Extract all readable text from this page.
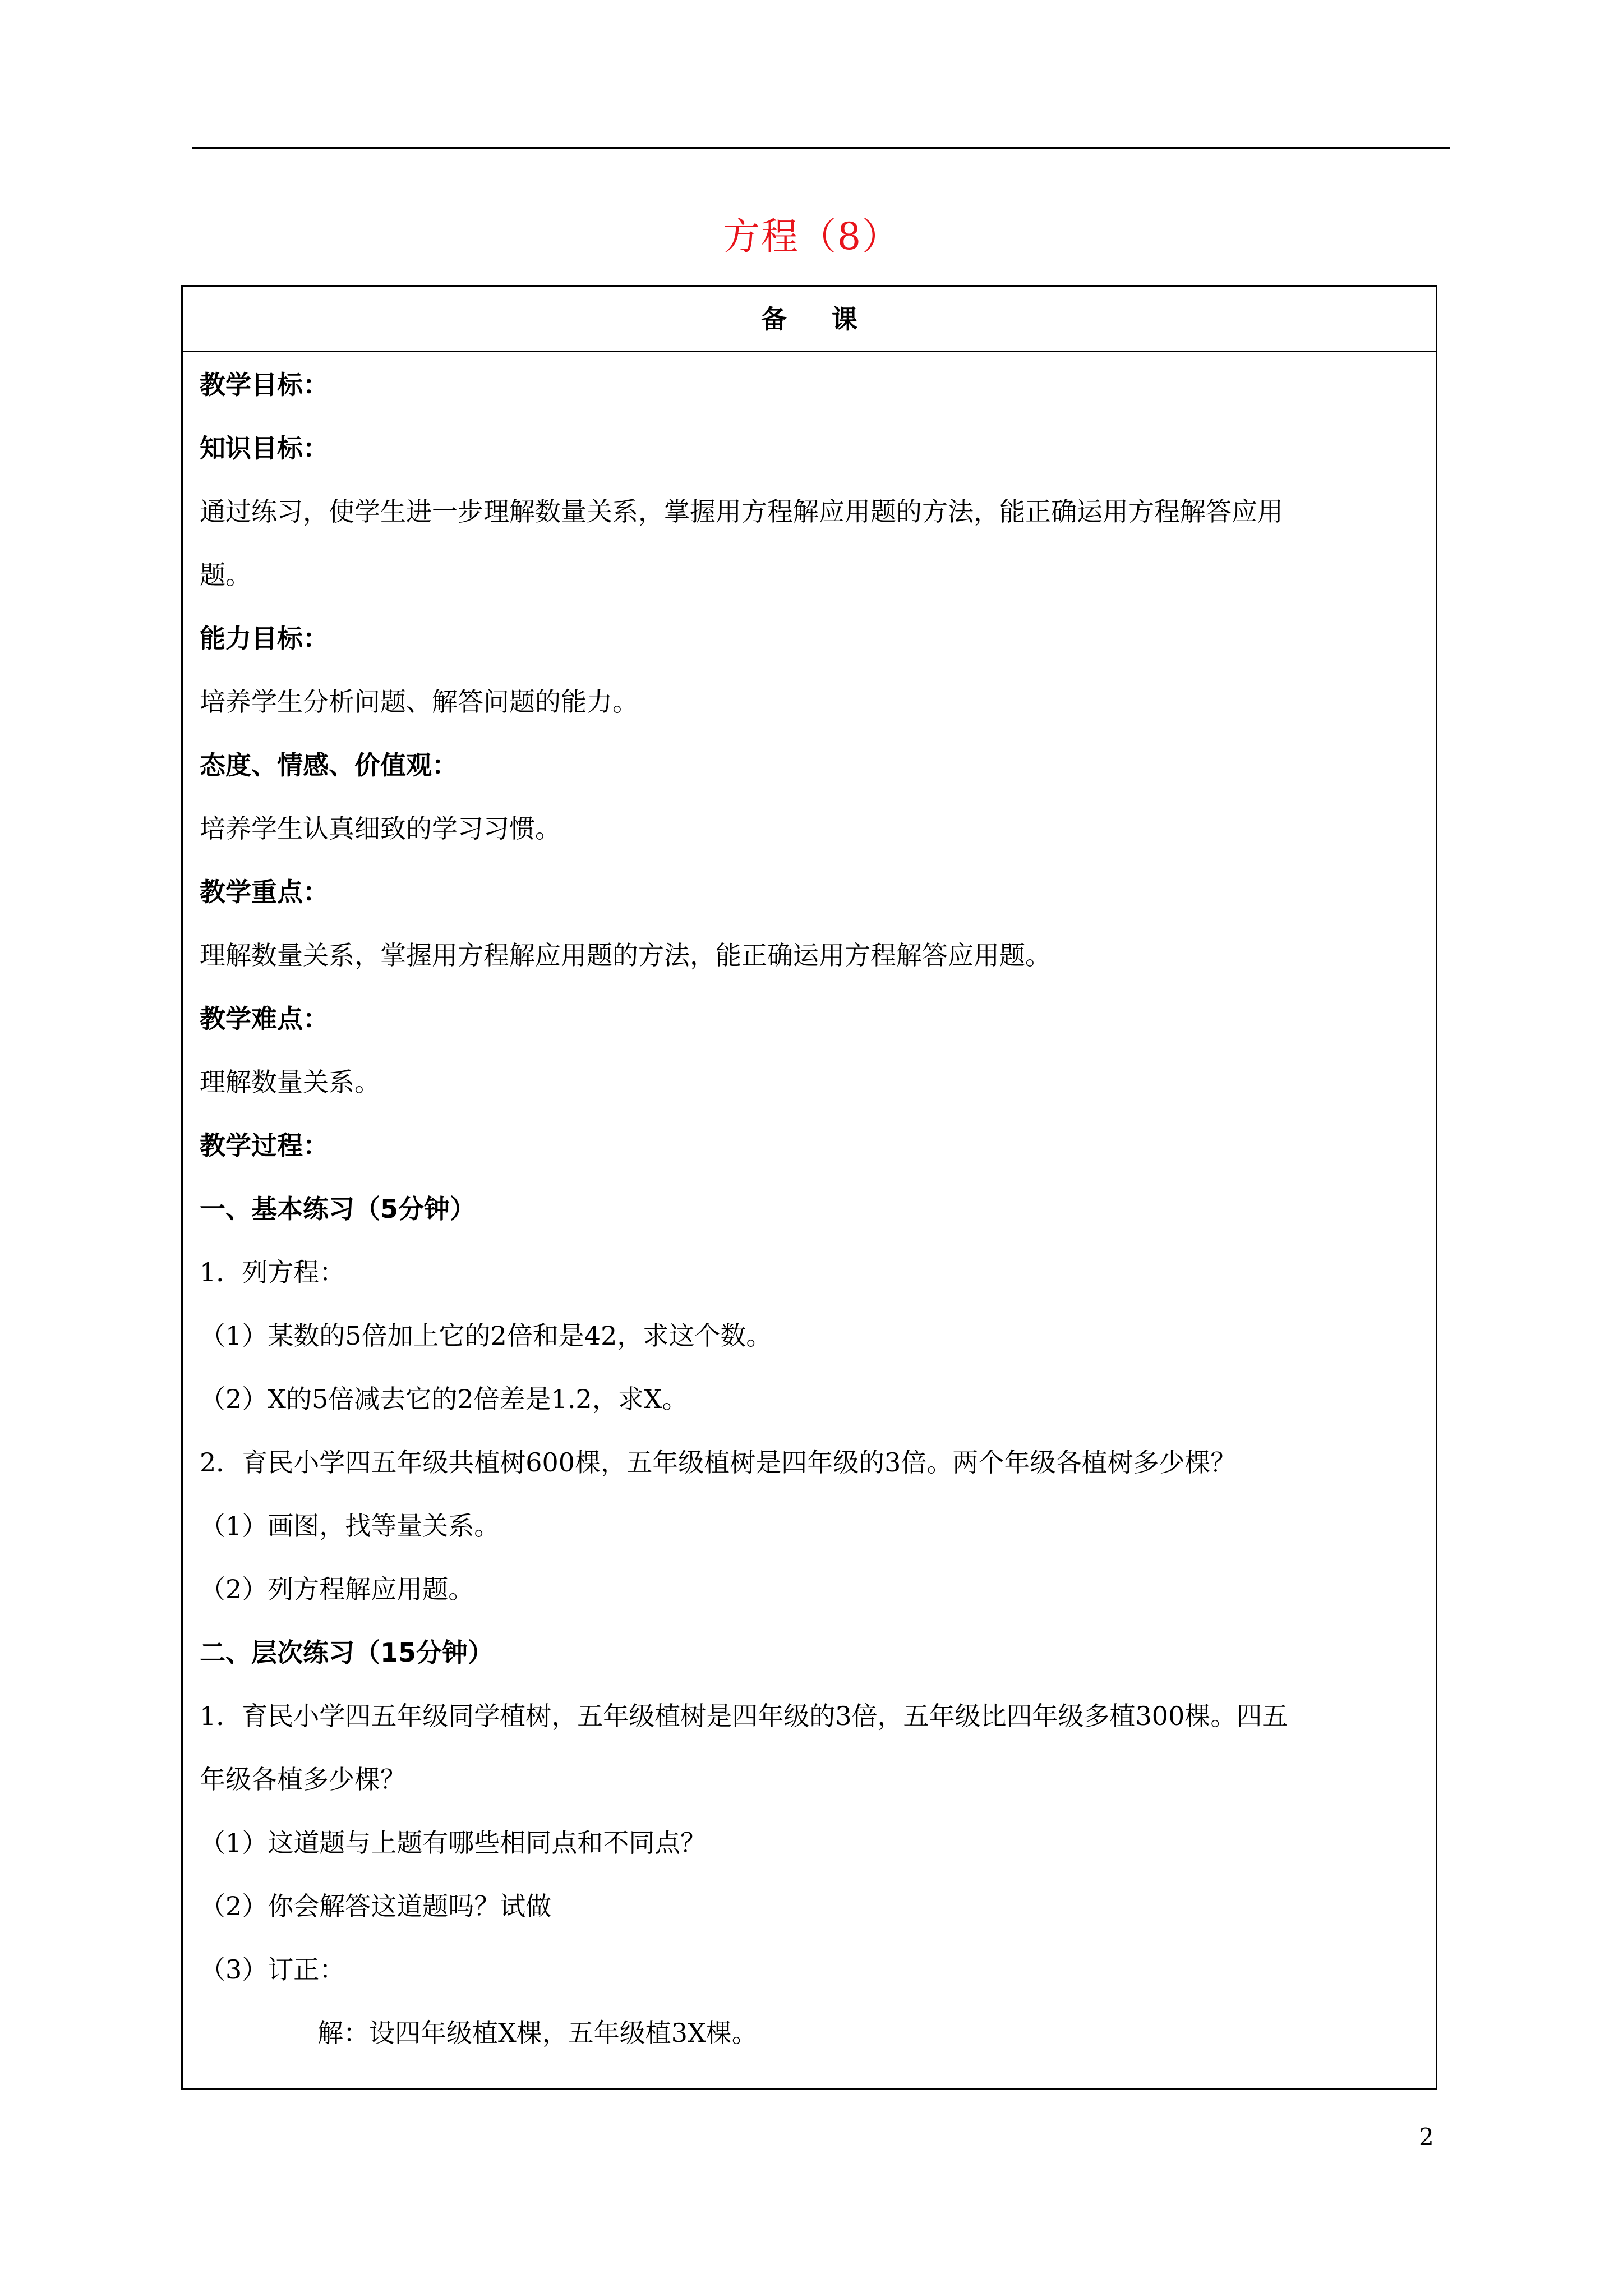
方程（8）
备课
教学目标：
知识目标：
通过练习，使学生进一步理解数量关系，掌握用方程解应用题的方法，能正确运用方程解答应用
题。
能力目标：
培养学生分析问题、解答问题的能力。
态度、情感、价值观：
培养学生认真细致的学习习惯。
教学重点：
理解数量关系，掌握用方程解应用题的方法，能正确运用方程解答应用题。
教学难点：
理解数量关系。
教学过程：
一、基本练习（5分钟）
1．列方程：
（1）某数的5倍加上它的2倍和是42，求这个数。
（2）X的5倍减去它的2倍差是1.2，求X。
2．育民小学四五年级共植树600棵，五年级植树是四年级的3倍。两个年级各植树多少棵？
（1）画图，找等量关系。
（2）列方程解应用题。
二、层次练习（15分钟）
1．育民小学四五年级同学植树，五年级植树是四年级的3倍，五年级比四年级多植300棵。四五
年级各植多少棵？
（1）这道题与上题有哪些相同点和不同点？
（2）你会解答这道题吗？试做
（3）订正：
解：设四年级植X棵，五年级植3X棵。
2
